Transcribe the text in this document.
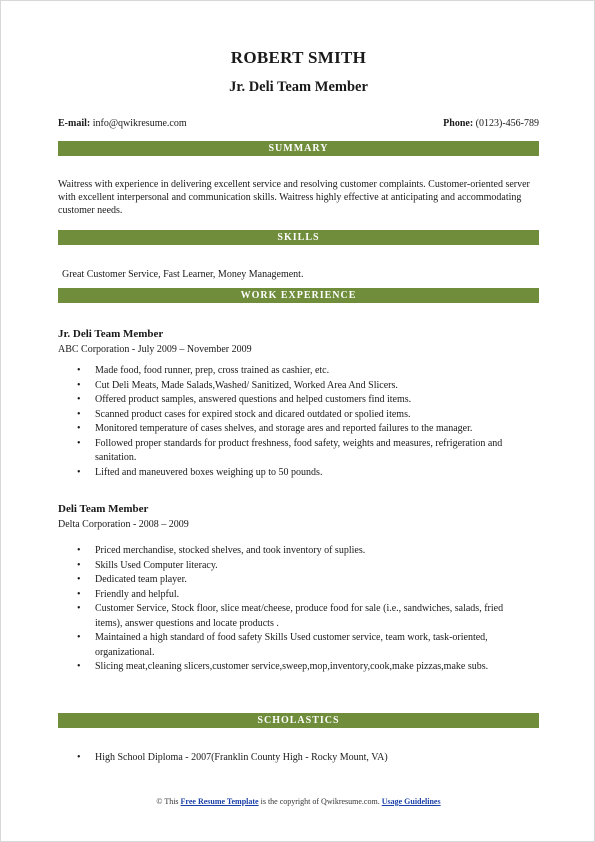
ROBERT SMITH
Jr. Deli Team Member
E-mail: info@qwikresume.com	Phone: (0123)-456-789
SUMMARY
Waitress with experience in delivering excellent service and resolving customer complaints. Customer-oriented server with excellent interpersonal and communication skills. Waitress highly effective at anticipating and accommodating customer needs.
SKILLS
Great Customer Service, Fast Learner, Money Management.
WORK EXPERIENCE
Jr. Deli Team Member
ABC Corporation - July 2009 – November 2009
• Made food, food runner, prep, cross trained as cashier, etc.
• Cut Deli Meats, Made Salads,Washed/ Sanitized, Worked Area And Slicers.
• Offered product samples, answered questions and helped customers find items.
• Scanned product cases for expired stock and dicared outdated or spolied items.
• Monitored temperature of cases shelves, and storage ares and reported failures to the manager.
• Followed proper standards for product freshness, food safety, weights and measures, refrigeration and sanitation.
• Lifted and maneuvered boxes weighing up to 50 pounds.
Deli Team Member
Delta Corporation - 2008 – 2009
• Priced merchandise, stocked shelves, and took inventory of suplies.
• Skills Used Computer literacy.
• Dedicated team player.
• Friendly and helpful.
• Customer Service, Stock floor, slice meat/cheese, produce food for sale (i.e., sandwiches, salads, fried items), answer questions and locate products .
• Maintained a high standard of food safety Skills Used customer service, team work, task-oriented, organizational.
• Slicing meat,cleaning slicers,customer service,sweep,mop,inventory,cook,make pizzas,make subs.
SCHOLASTICS
• High School Diploma - 2007(Franklin County High - Rocky Mount, VA)
© This Free Resume Template is the copyright of Qwikresume.com. Usage Guidelines
